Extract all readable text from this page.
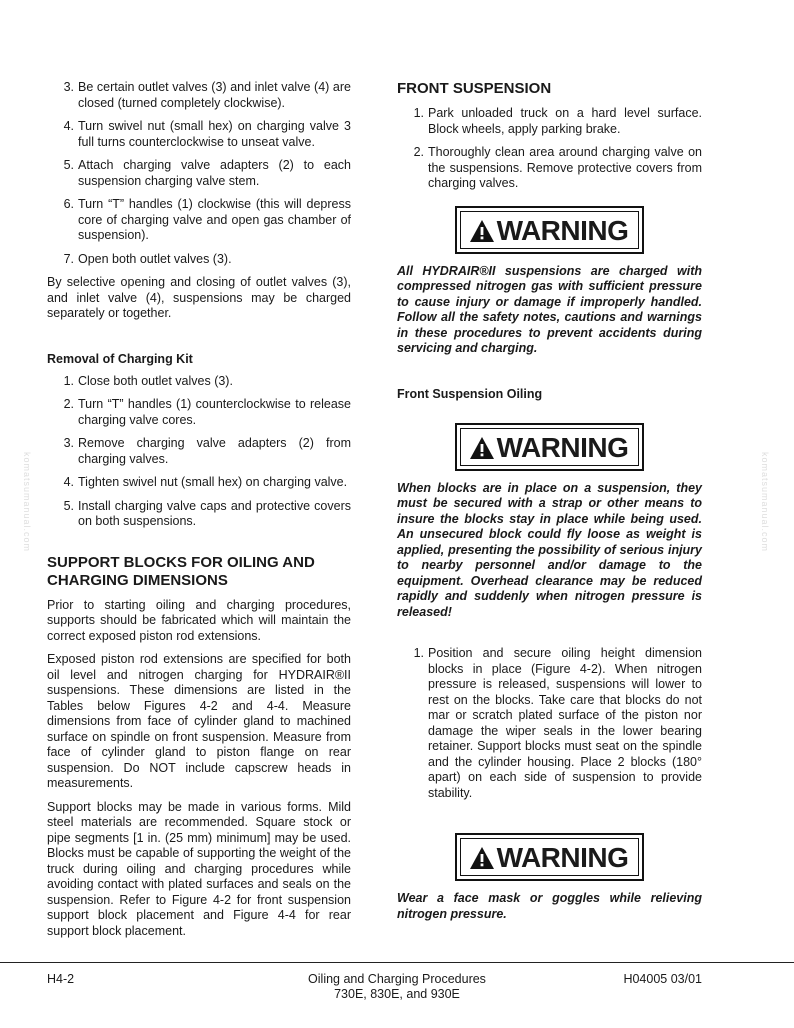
3. Be certain outlet valves (3) and inlet valve (4) are closed (turned completely clockwise).
4. Turn swivel nut (small hex) on charging valve 3 full turns counterclockwise to unseat valve.
5. Attach charging valve adapters (2) to each suspension charging valve stem.
6. Turn “T” handles (1) clockwise (this will depress core of charging valve and open gas chamber of suspension).
7. Open both outlet valves (3).

By selective opening and closing of outlet valves (3), and inlet valve (4), suspensions may be charged separately or together.

Removal of Charging Kit

1. Close both outlet valves (3).
2. Turn “T” handles (1) counterclockwise to release charging valve cores.
3. Remove charging valve adapters (2) from charging valves.
4. Tighten swivel nut (small hex) on charging valve.
5. Install charging valve caps and protective covers on both suspensions.
SUPPORT BLOCKS FOR OILING AND
CHARGING DIMENSIONS

Prior to starting oiling and charging procedures, supports should be fabricated which will maintain the correct exposed piston rod extensions.

Exposed piston rod extensions are specified for both oil level and nitrogen charging for HYDRAIR®II suspensions. These dimensions are listed in the Tables below Figures 4-2 and 4-4. Measure dimensions from face of cylinder gland to machined surface on spindle on front suspension. Measure from face of cylinder gland to piston flange on rear suspension. Do NOT include capscrew heads in measurements.

Support blocks may be made in various forms. Mild steel materials are recommended. Square stock or pipe segments [1 in. (25 mm) minimum] may be used. Blocks must be capable of supporting the weight of the truck during oiling and charging procedures while avoiding contact with plated surfaces and seals on the suspension. Refer to Figure 4-2 for front suspension support block placement and Figure 4-4 for rear support block placement.

FRONT SUSPENSION
1. Park unloaded truck on a hard level surface. Block wheels, apply parking brake.
2. Thoroughly clean area around charging valve on the suspensions. Remove protective covers from charging valves.
WARNING

All HYDRAIR®II suspensions are charged with compressed nitrogen gas with sufficient pressure to cause injury or damage if improperly handled. Follow all the safety notes, cautions and warnings in these procedures to prevent accidents during servicing and charging.

Front Suspension Oiling

WARNING

When blocks are in place on a suspension, they must be secured with a strap or other means to insure the blocks stay in place while being used. An unsecured block could fly loose as weight is applied, presenting the possibility of serious injury to nearby personnel and/or damage to the equipment. Overhead clearance may be reduced rapidly and suddenly when nitrogen pressure is released!

1. Position and secure oiling height dimension blocks in place (Figure 4-2). When nitrogen pressure is released, suspensions will lower to rest on the blocks. Take care that blocks do not mar or scratch plated surface of the piston nor damage the wiper seals in the lower bearing retainer. Support blocks must seat on the spindle and the cylinder housing. Place 2 blocks (180° apart) on each side of suspension to provide stability.
WARNING

Wear a face mask or goggles while relieving nitrogen pressure.

komatsumanual.com	komatsumanual.com
H4-2	Oiling and Charging Procedures
730E, 830E, and 930E
H04005 03/01
